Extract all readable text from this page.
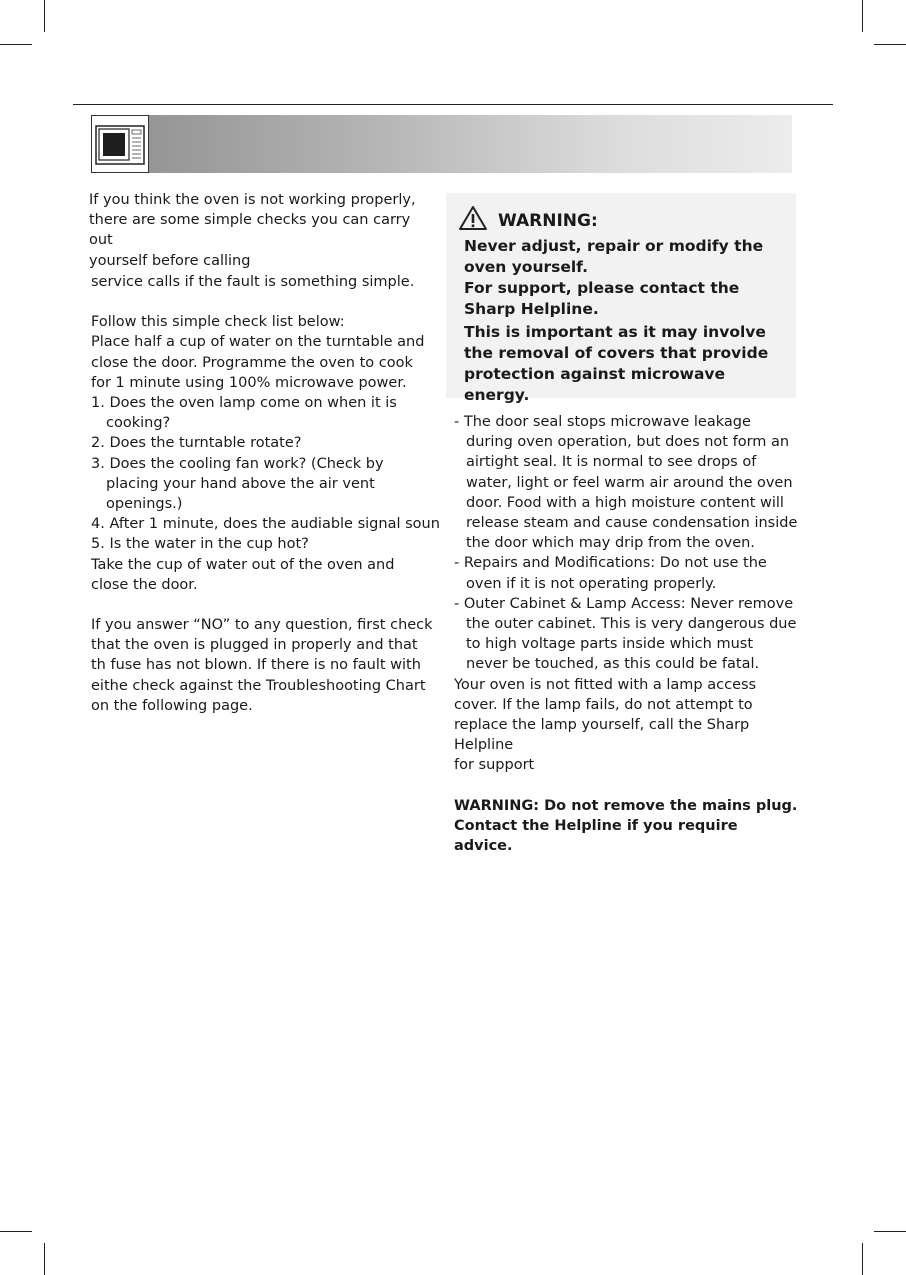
If you think the oven is not working properly,

there are some simple checks you can carry out

yourself before calling

service calls if the fault is something simple.

Follow this simple check list below:

Place half a cup of water on the turntable and close the door. Programme the oven to cook for 1 minute using 100% microwave power.

1. Does the oven lamp come on when it is cooking?

2. Does the turntable rotate?

3. Does the cooling fan work? (Check by placing your hand above the air vent openings.)

4. After 1 minute, does the audiable signal soun

5. Is the water in the cup hot?

Take the cup of water out of the oven and close the door.

If you answer “NO” to any question, first check that the oven is plugged in properly and that th fuse has not blown. If there is no fault with eithe check against the Troubleshooting Chart on the following page.

WARNING:

Never adjust, repair or modify the oven yourself.

For support, please contact the

Sharp Helpline.

This is important as it may involve the removal of covers that provide protection against microwave energy.

- The door seal stops microwave leakage during oven operation, but does not form an airtight seal. It is normal to see drops of water, light or feel warm air around the oven door. Food with a high moisture content will release steam and cause condensation inside the door which may drip from the oven.

- Repairs and Modifications: Do not use the oven if it is not operating properly.

- Outer Cabinet & Lamp Access: Never remove the outer cabinet. This is very dangerous due to high voltage parts inside which must never be touched, as this could be fatal.

Your oven is not fitted with a lamp access cover. If the lamp fails, do not attempt to replace the lamp yourself, call the Sharp Helpline

for support

WARNING: Do not remove the mains plug.

Contact the Helpline if you require advice.
